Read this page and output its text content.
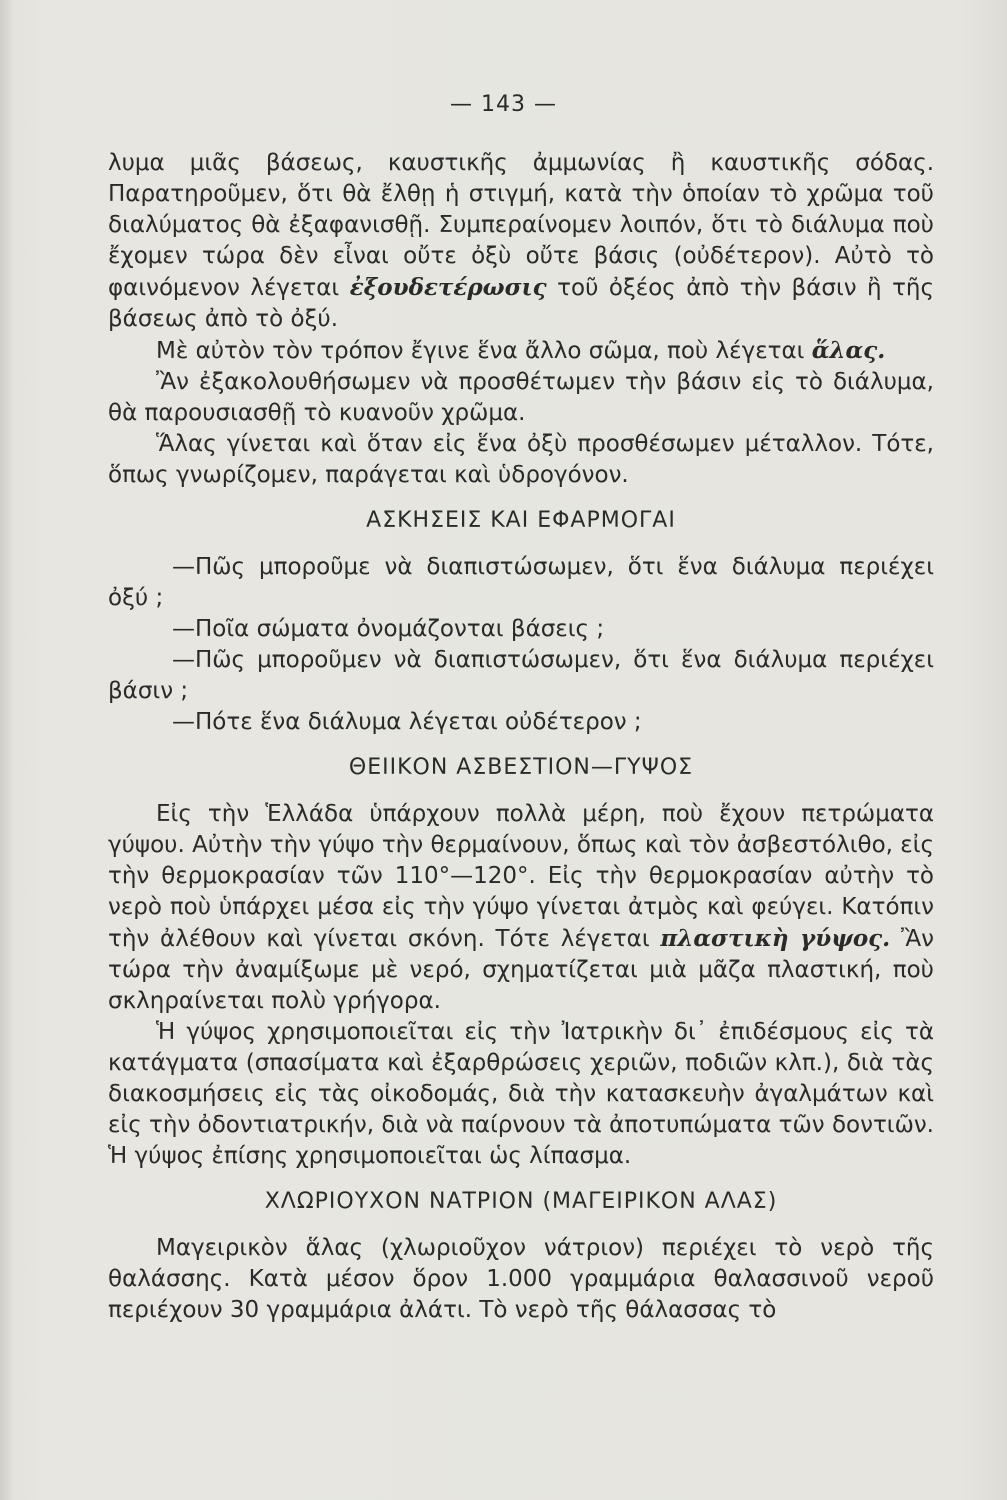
— 143 —

λυμα μιᾶς βάσεως, καυστικῆς ἀμμωνίας ἢ καυστικῆς σόδας. Παρατηροῦμεν, ὅτι θὰ ἔλθῃ ἡ στιγμή, κατὰ τὴν ὁποίαν τὸ χρῶμα τοῦ διαλύματος θὰ ἐξαφανισθῇ. Συμπεραίνομεν λοιπόν, ὅτι τὸ διάλυμα ποὺ ἔχομεν τώρα δὲν εἶναι οὔτε ὀξὺ οὔτε βάσις (οὐδέτερον). Αὐτὸ τὸ φαινόμενον λέγεται ἐξουδετέρωσις τοῦ ὀξέος ἀπὸ τὴν βάσιν ἢ τῆς βάσεως ἀπὸ τὸ ὀξύ.

Μὲ αὐτὸν τὸν τρόπον ἔγινε ἕνα ἄλλο σῶμα, ποὺ λέγεται ἅλας.

Ἂν ἐξακολουθήσωμεν νὰ προσθέτωμεν τὴν βάσιν εἰς τὸ διάλυμα, θὰ παρουσιασθῇ τὸ κυανοῦν χρῶμα.

Ἅλας γίνεται καὶ ὅταν εἰς ἕνα ὀξὺ προσθέσωμεν μέταλλον. Τότε, ὅπως γνωρίζομεν, παράγεται καὶ ὑδρογόνον.

ΑΣΚΗΣΕΙΣ ΚΑΙ ΕΦΑΡΜΟΓΑΙ

—Πῶς μποροῦμε νὰ διαπιστώσωμεν, ὅτι ἕνα διάλυμα περιέχει ὀξύ ;

—Ποῖα σώματα ὀνομάζονται βάσεις ;

—Πῶς μποροῦμεν νὰ διαπιστώσωμεν, ὅτι ἕνα διάλυμα περιέχει βάσιν ;

—Πότε ἕνα διάλυμα λέγεται οὐδέτερον ;

ΘΕΙΙΚΟΝ ΑΣΒΕΣΤΙΟΝ—ΓΥΨΟΣ

Εἰς τὴν Ἑλλάδα ὑπάρχουν πολλὰ μέρη, ποὺ ἔχουν πετρώματα γύψου. Αὐτὴν τὴν γύψο τὴν θερμαίνουν, ὅπως καὶ τὸν ἀσβεστόλιθο, εἰς τὴν θερμοκρασίαν τῶν 110°—120°. Εἰς τὴν θερμοκρασίαν αὐτὴν τὸ νερὸ ποὺ ὑπάρχει μέσα εἰς τὴν γύψο γίνεται ἀτμὸς καὶ φεύγει. Κατόπιν τὴν ἀλέθουν καὶ γίνεται σκόνη. Τότε λέγεται πλαστικὴ γύψος. Ἂν τώρα τὴν ἀναμίξωμε μὲ νερό, σχηματίζεται μιὰ μᾶζα πλαστική, ποὺ σκληραίνεται πολὺ γρήγορα.

Ἡ γύψος χρησιμοποιεῖται εἰς τὴν Ἰατρικὴν δι᾽ ἐπιδέσμους εἰς τὰ κατάγματα (σπασίματα καὶ ἐξαρθρώσεις χεριῶν, ποδιῶν κλπ.), διὰ τὰς διακοσμήσεις εἰς τὰς οἰκοδομάς, διὰ τὴν κατασκευὴν ἀγαλμάτων καὶ εἰς τὴν ὀδοντιατρικήν, διὰ νὰ παίρνουν τὰ ἀποτυπώματα τῶν δοντιῶν. Ἡ γύψος ἐπίσης χρησιμοποιεῖται ὡς λίπασμα.

ΧΛΩΡΙΟΥΧΟΝ ΝΑΤΡΙΟΝ (ΜΑΓΕΙΡΙΚΟΝ ΑΛΑΣ)

Μαγειρικὸν ἅλας (χλωριοῦχον νάτριον) περιέχει τὸ νερὸ τῆς θαλάσσης. Κατὰ μέσον ὅρον 1.000 γραμμάρια θαλασσινοῦ νεροῦ περιέχουν 30 γραμμάρια ἀλάτι. Τὸ νερὸ τῆς θάλασσας τὸ
